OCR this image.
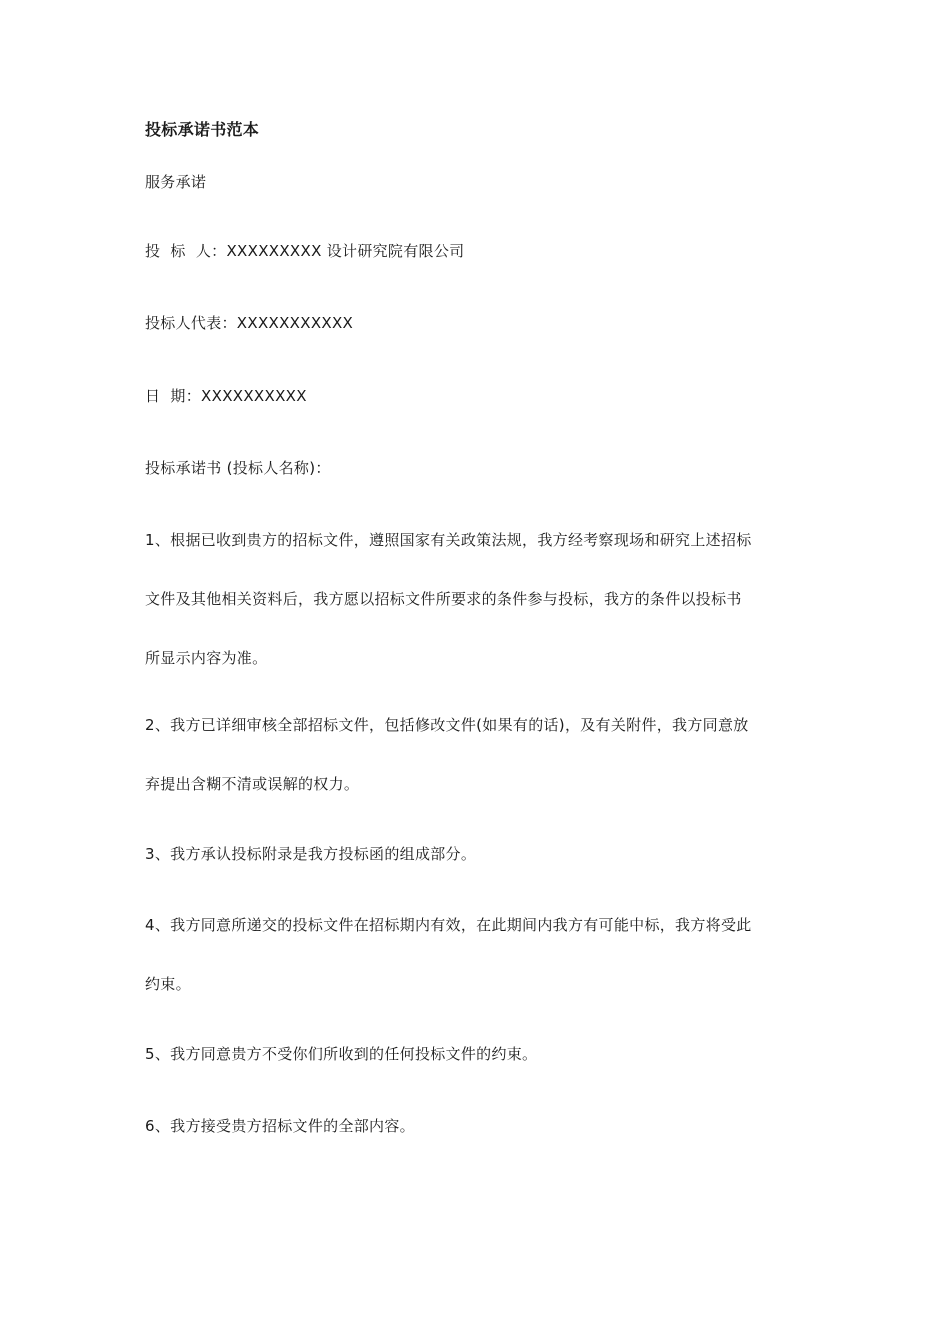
投标承诺书范本
服务承诺
投  标  人：XXXXXXXXX 设计研究院有限公司
投标人代表：XXXXXXXXXXX
日  期：XXXXXXXXXX
投标承诺书 (投标人名称)：
1、根据已收到贵方的招标文件，遵照国家有关政策法规，我方经考察现场和研究上述招标
文件及其他相关资料后，我方愿以招标文件所要求的条件参与投标，我方的条件以投标书
所显示内容为准。
2、我方已详细审核全部招标文件，包括修改文件(如果有的话)，及有关附件，我方同意放
弃提出含糊不清或误解的权力。
3、我方承认投标附录是我方投标函的组成部分。
4、我方同意所递交的投标文件在招标期内有效，在此期间内我方有可能中标，我方将受此
约束。
5、我方同意贵方不受你们所收到的任何投标文件的约束。
6、我方接受贵方招标文件的全部内容。
